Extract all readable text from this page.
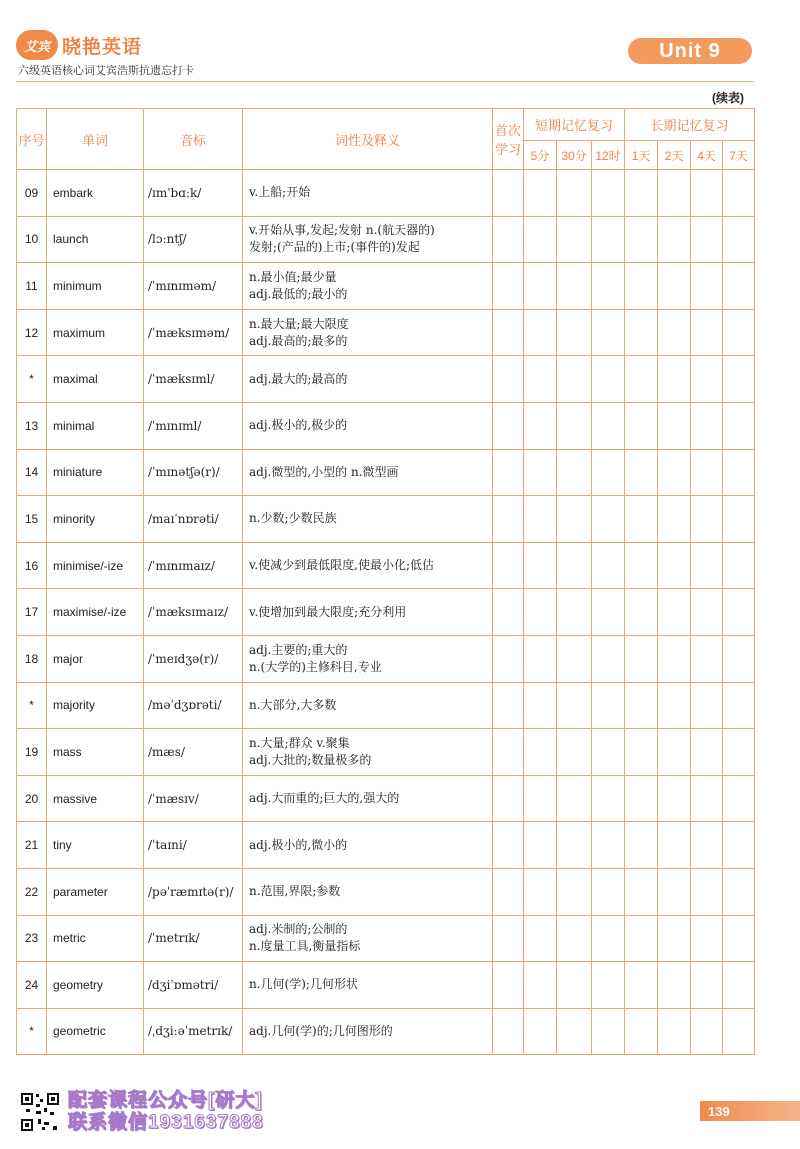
艾宾 晓艳英语
六级英语核心词艾宾浩斯抗遗忘打卡
Unit 9
(续表)
序号	单词	音标	词性及释义	首次学习	短期记忆复习			长期记忆复习			
					5分	30分	12时	1天	2天	4天	7天
09	embark	/ɪmˈbɑːk/	v.上船;开始								

10	launch	/lɔːntʃ/	v.开始从事,发起;发射 n.(航天器的)
发射;(产品的)上市;(事件的)发起								

11	minimum	/ˈmɪnɪməm/	n.最小值;最少量
adj.最低的;最小的								

12	maximum	/ˈmæksɪməm/	n.最大量;最大限度
adj.最高的;最多的								

*	maximal	/ˈmæksɪml/	adj.最大的;最高的								

13	minimal	/ˈmɪnɪml/	adj.极小的,极少的								

14	miniature	/ˈmɪnətʃə(r)/	adj.微型的,小型的 n.微型画								

15	minority	/maɪˈnɒrəti/	n.少数;少数民族								

16	minimise/-ize	/ˈmɪnɪmaɪz/	v.使减少到最低限度,使最小化;低估								

17	maximise/-ize	/ˈmæksɪmaɪz/	v.使增加到最大限度;充分利用								

18	major	/ˈmeɪdʒə(r)/	adj.主要的;重大的
n.(大学的)主修科目,专业								

*	majority	/məˈdʒɒrəti/	n.大部分,大多数								

19	mass	/mæs/	n.大量;群众 v.聚集
adj.大批的;数量极多的								

20	massive	/ˈmæsɪv/	adj.大而重的;巨大的,强大的								

21	tiny	/ˈtaɪni/	adj.极小的,微小的								

22	parameter	/pəˈræmɪtə(r)/	n.范围,界限;参数								

23	metric	/ˈmetrɪk/	adj.米制的;公制的
n.度量工具,衡量指标								

24	geometry	/dʒiˈɒmətri/	n.几何(学);几何形状								

*	geometric	/ˌdʒiːəˈmetrɪk/	adj.几何(学)的;几何图形的								

配套课程公众号[研大]
联系微信1931637888
139
